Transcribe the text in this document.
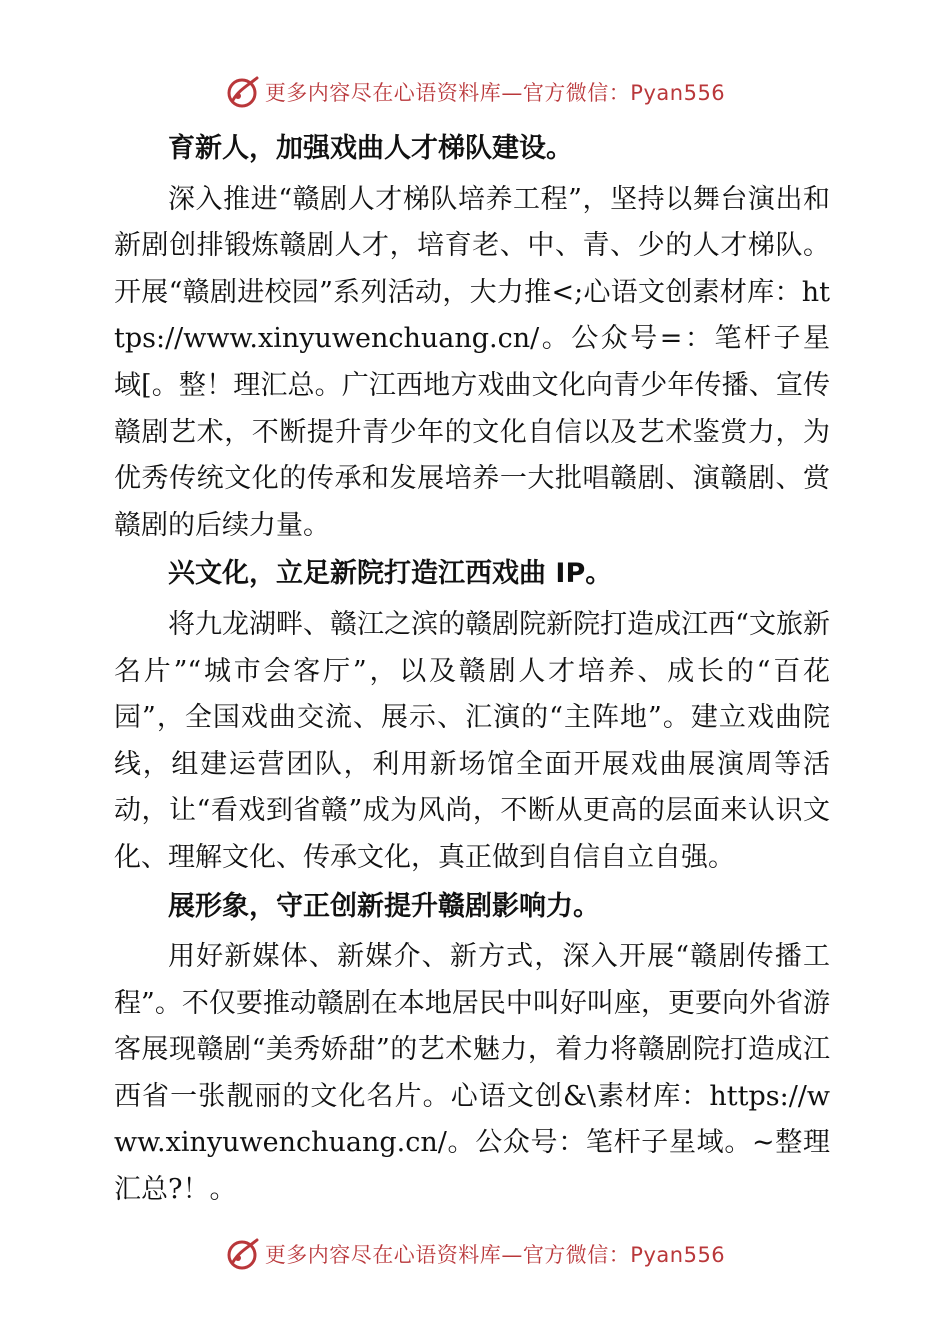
更多内容尽在心语资料库—官方微信：Pyan556

育新人，加强戏曲人才梯队建设。

深入推进“赣剧人才梯队培养工程”，坚持以舞台演出和新剧创排锻炼赣剧人才，培育老、中、青、少的人才梯队。开展“赣剧进校园”系列活动，大力推<;心语文创素材库：https://www.xinyuwenchuang.cn/。公众号=：笔杆子星域[。整！理汇总。广江西地方戏曲文化向青少年传播、宣传赣剧艺术，不断提升青少年的文化自信以及艺术鉴赏力，为优秀传统文化的传承和发展培养一大批唱赣剧、演赣剧、赏赣剧的后续力量。

兴文化，立足新院打造江西戏曲 IP。

将九龙湖畔、赣江之滨的赣剧院新院打造成江西“文旅新名片”“城市会客厅”，以及赣剧人才培养、成长的“百花园”，全国戏曲交流、展示、汇演的“主阵地”。建立戏曲院线，组建运营团队，利用新场馆全面开展戏曲展演周等活动，让“看戏到省赣”成为风尚，不断从更高的层面来认识文化、理解文化、传承文化，真正做到自信自立自强。

展形象，守正创新提升赣剧影响力。

用好新媒体、新媒介、新方式，深入开展“赣剧传播工程”。不仅要推动赣剧在本地居民中叫好叫座，更要向外省游客展现赣剧“美秀娇甜”的艺术魅力，着力将赣剧院打造成江西省一张靓丽的文化名片。心语文创&\素材库：https://www.xinyuwenchuang.cn/。公众号：笔杆子星域。~整理汇总?！。

更多内容尽在心语资料库—官方微信：Pyan556
